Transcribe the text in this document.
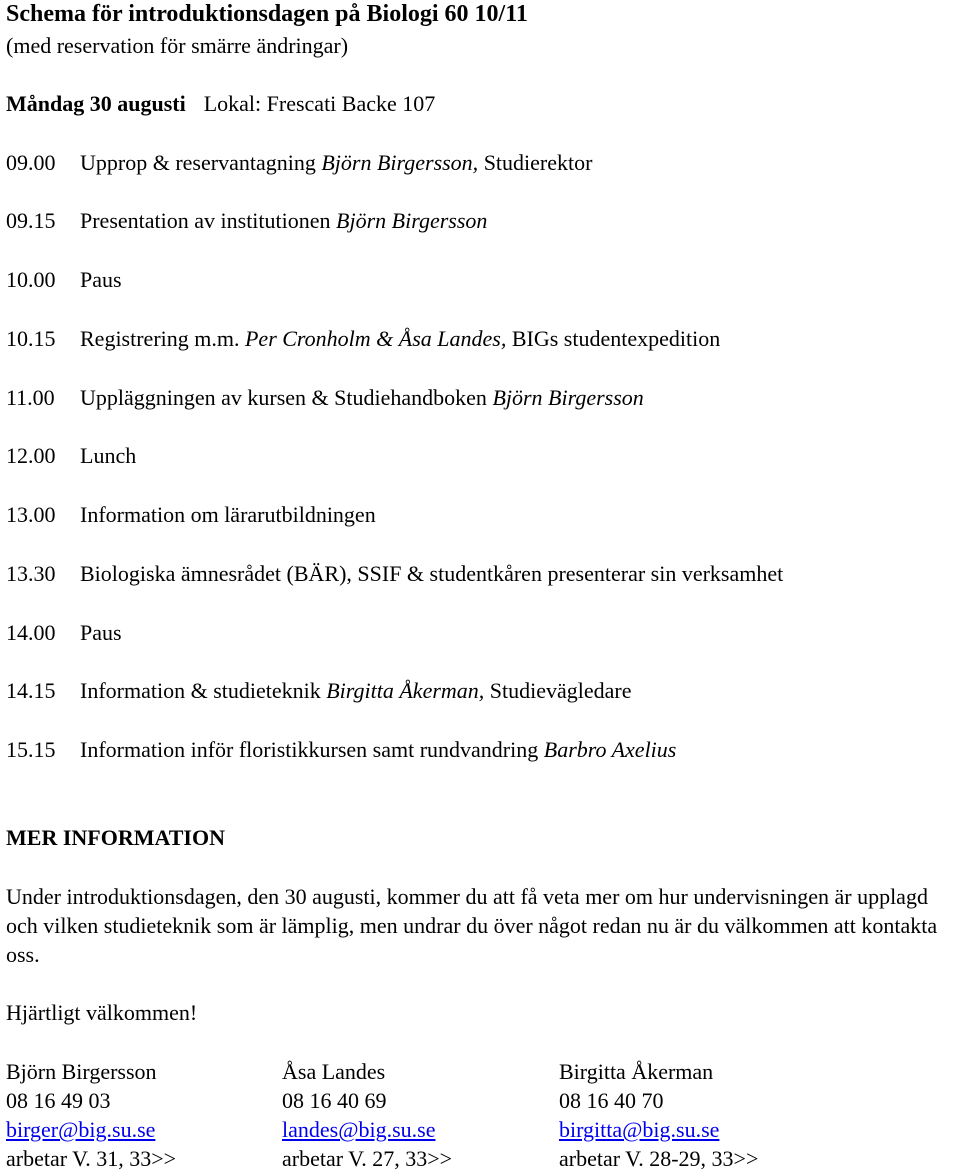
Schema för introduktionsdagen på Biologi 60 10/11
(med reservation för smärre ändringar)
Måndag 30 augusti Lokal: Frescati Backe 107
09.00 Upprop & reservantagning Björn Birgersson, Studierektor
09.15 Presentation av institutionen Björn Birgersson
10.00 Paus
10.15 Registrering m.m. Per Cronholm & Åsa Landes, BIGs studentexpedition
11.00 Uppläggningen av kursen & Studiehandboken Björn Birgersson
12.00 Lunch
13.00 Information om lärarutbildningen
13.30 Biologiska ämnesrådet (BÄR), SSIF & studentkåren presenterar sin verksamhet
14.00 Paus
14.15 Information & studieteknik Birgitta Åkerman, Studievägledare
15.15 Information inför floristikkursen samt rundvandring Barbro Axelius
MER INFORMATION
Under introduktionsdagen, den 30 augusti, kommer du att få veta mer om hur undervisningen är upplagd och vilken studieteknik som är lämplig, men undrar du över något redan nu är du välkommen att kontakta oss.
Hjärtligt välkommen!
Björn Birgersson
08 16 49 03
birger@big.su.se
arbetar V. 31, 33>>
Åsa Landes
08 16 40 69
landes@big.su.se
arbetar V. 27, 33>>
Birgitta Åkerman
08 16 40 70
birgitta@big.su.se
arbetar V. 28-29, 33>>
